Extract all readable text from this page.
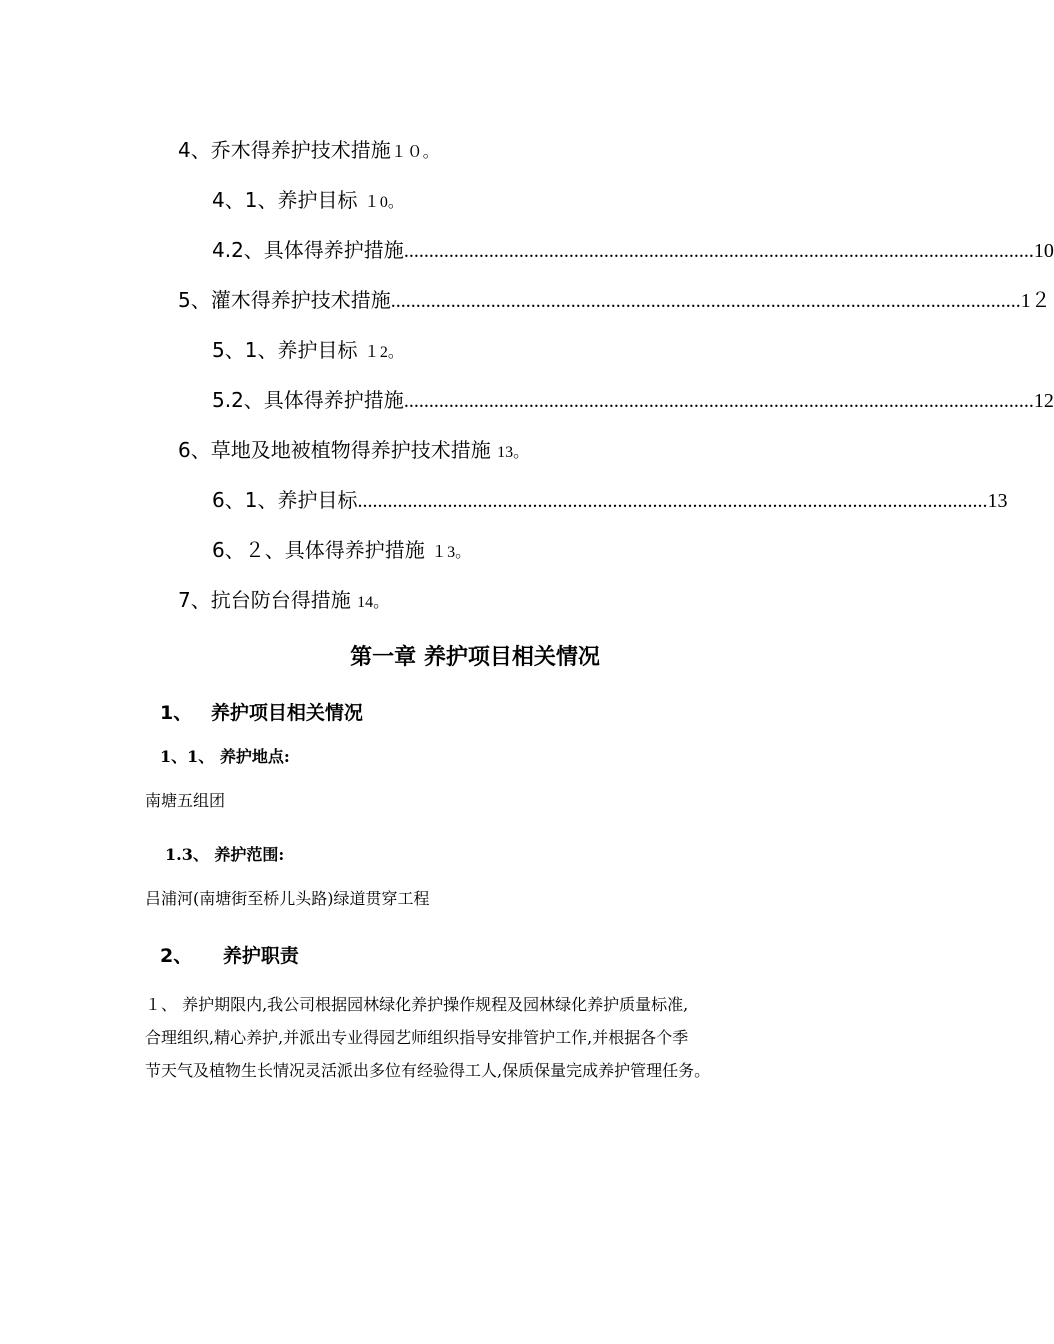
4、乔木得养护技术措施１０。
4、1、养护目标 １0。
4.2、具体得养护措施 .............................................................................................................................. 10
5、灌木得养护技术措施 .............................................................................................................................. 1２
5、1、养护目标 １2。
5.2、具体得养护措施 .............................................................................................................................. 12
6、草地及地被植物得养护技术措施 13。
6、1、养护目标 .............................................................................................................................. 13
6、２、具体得养护措施 １3。
7、抗台防台得措施 14。
第一章 养护项目相关情况
1、 养护项目相关情况
1、1、 养护地点:
南塘五组团
1.3、 养护范围:
吕浦河(南塘街至桥儿头路)绿道贯穿工程
2、 养护职责
１、 养护期限内,我公司根据园林绿化养护操作规程及园林绿化养护质量标准,
合理组织,精心养护,并派出专业得园艺师组织指导安排管护工作,并根据各个季
节天气及植物生长情况灵活派出多位有经验得工人,保质保量完成养护管理任务。
